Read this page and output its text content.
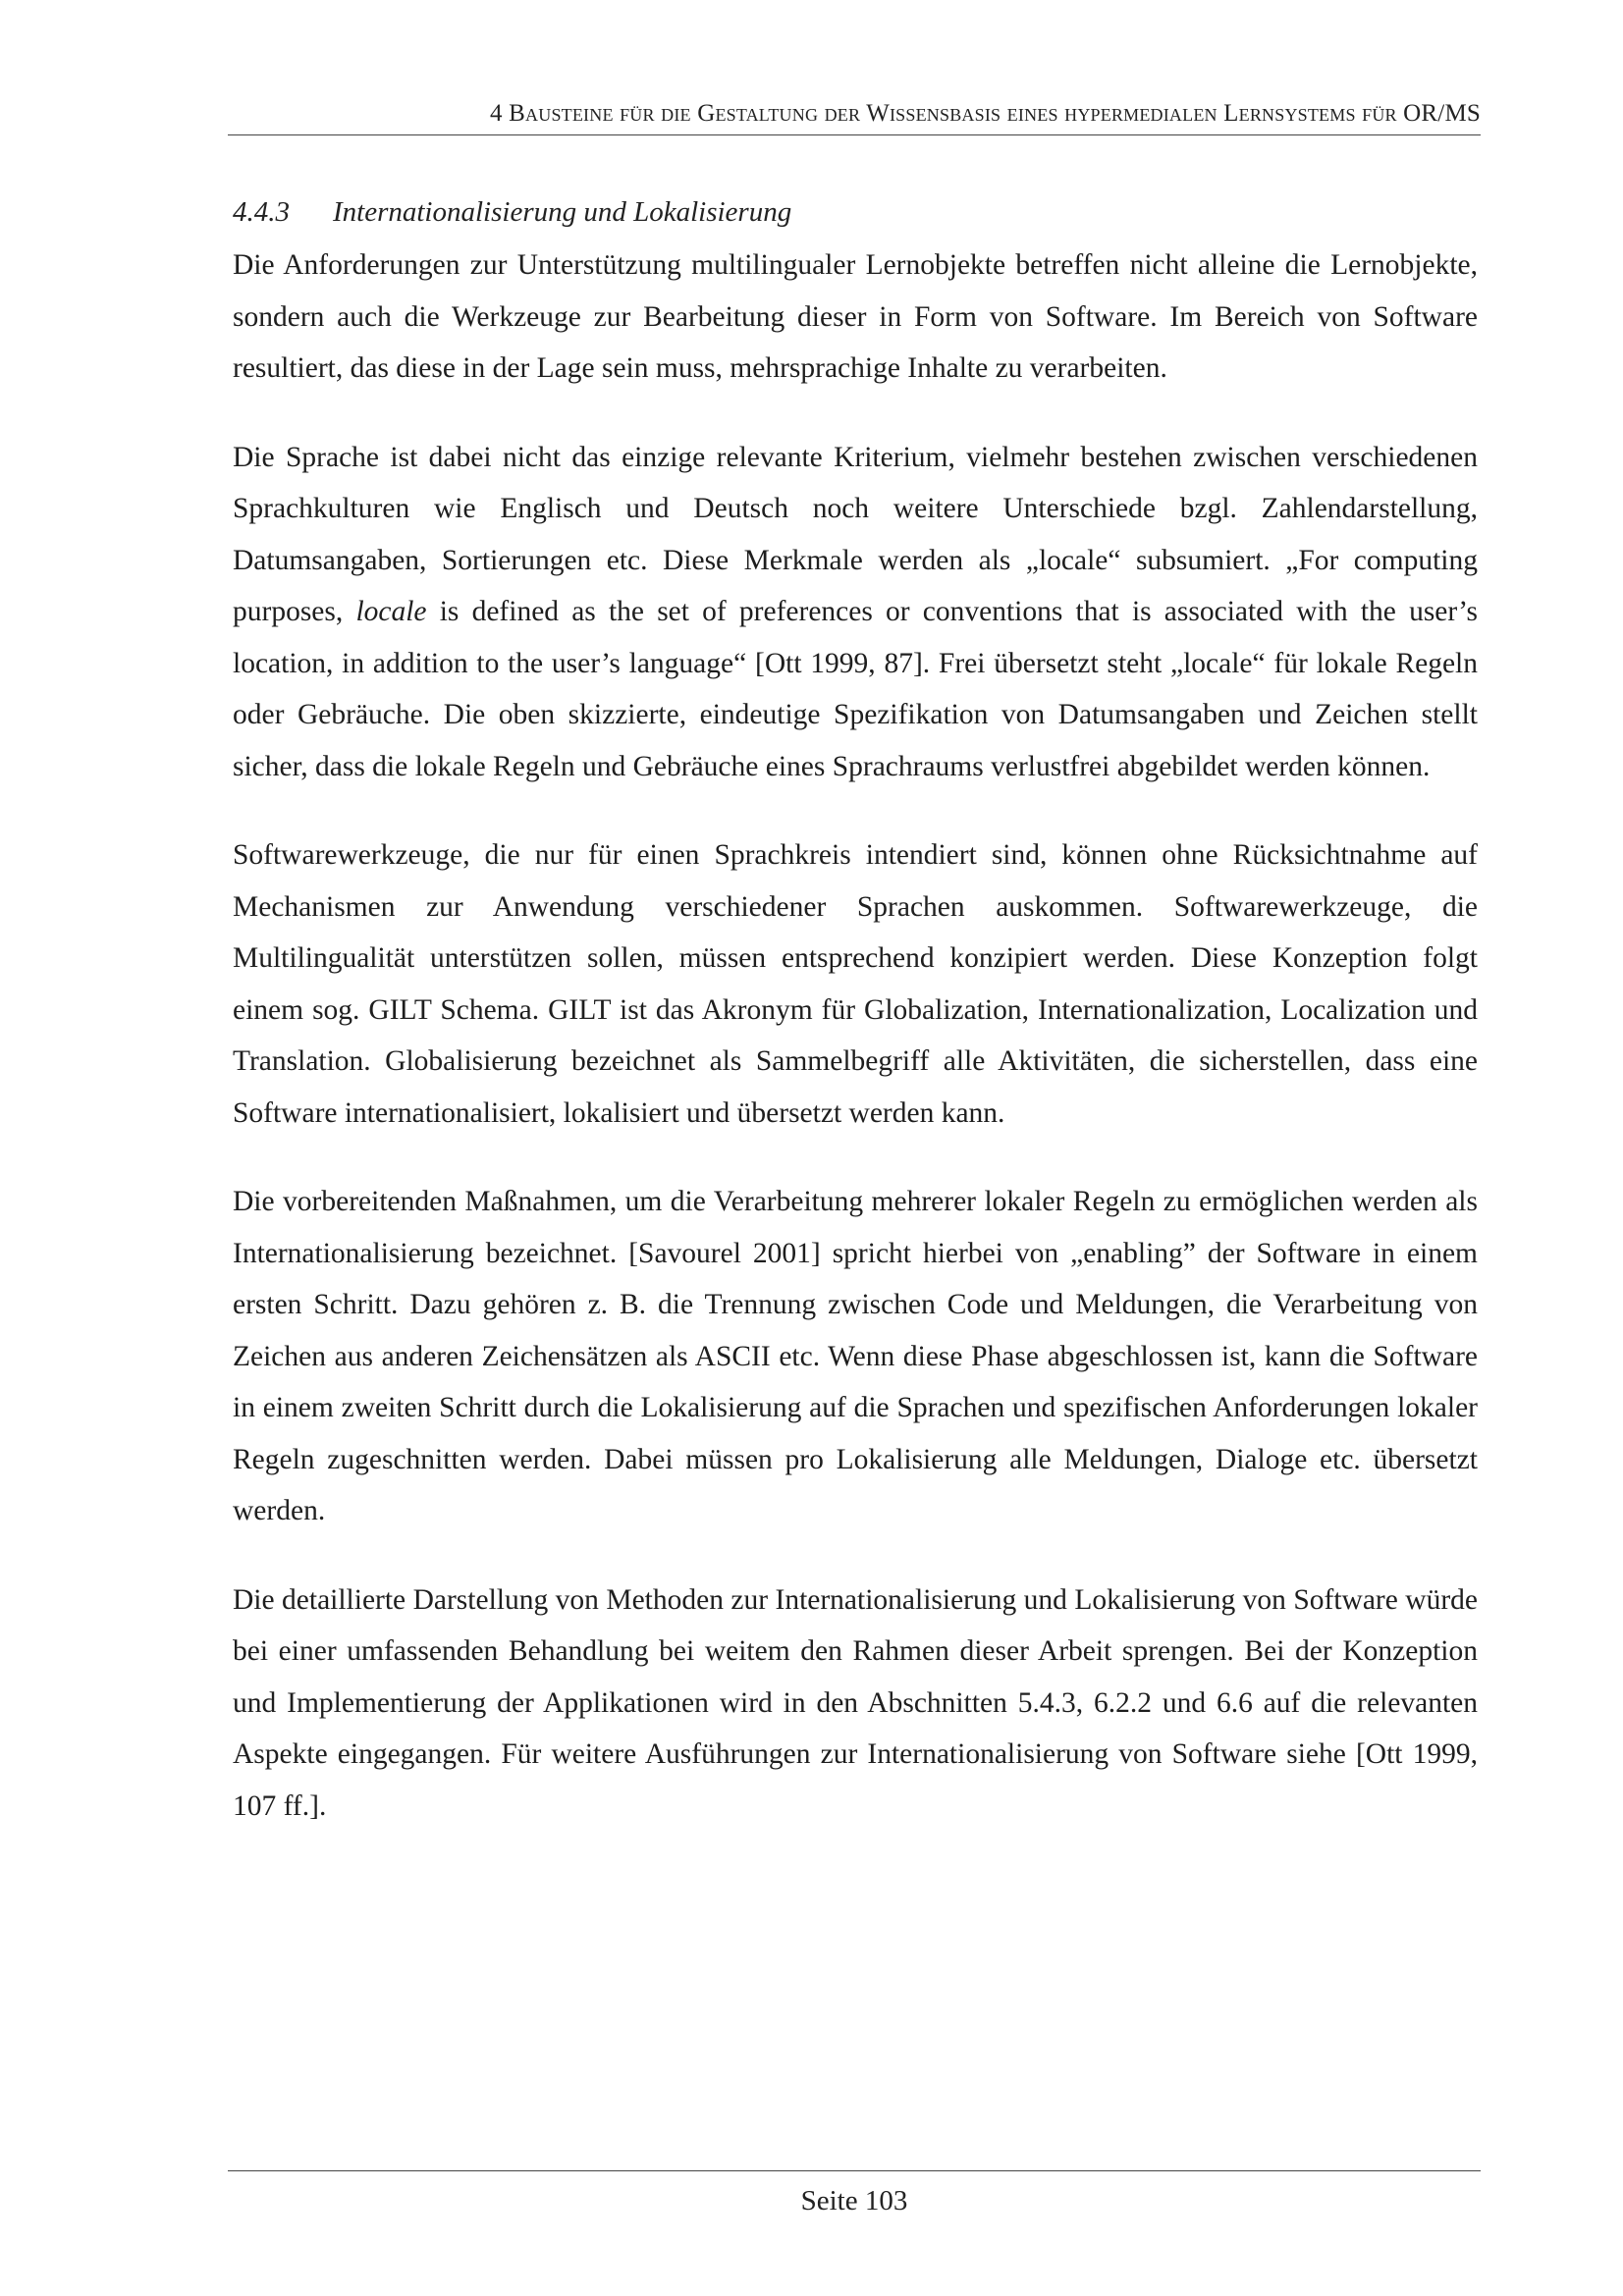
4 Bausteine für die Gestaltung der Wissensbasis eines hypermedialen Lernsystems für OR/MS
4.4.3 Internationalisierung und Lokalisierung

Die Anforderungen zur Unterstützung multilingualer Lernobjekte betreffen nicht alleine die Lernobjekte, sondern auch die Werkzeuge zur Bearbeitung dieser in Form von Software. Im Bereich von Software resultiert, das diese in der Lage sein muss, mehrsprachige Inhalte zu verarbeiten.

Die Sprache ist dabei nicht das einzige relevante Kriterium, vielmehr bestehen zwischen verschiedenen Sprachkulturen wie Englisch und Deutsch noch weitere Unterschiede bzgl. Zahlendarstellung, Datumsangaben, Sortierungen etc. Diese Merkmale werden als „locale“ subsumiert. „For computing purposes, locale is defined as the set of preferences or conventions that is associated with the user’s location, in addition to the user’s language“ [Ott 1999, 87]. Frei übersetzt steht „locale“ für lokale Regeln oder Gebräuche. Die oben skizzierte, eindeutige Spezifikation von Datumsangaben und Zeichen stellt sicher, dass die lokale Regeln und Gebräuche eines Sprachraums verlustfrei abgebildet werden können.

Softwarewerkzeuge, die nur für einen Sprachkreis intendiert sind, können ohne Rücksichtnahme auf Mechanismen zur Anwendung verschiedener Sprachen auskommen. Softwarewerkzeuge, die Multilingualität unterstützen sollen, müssen entsprechend konzipiert werden. Diese Konzeption folgt einem sog. GILT Schema. GILT ist das Akronym für Globalization, Internationalization, Localization und Translation. Globalisierung bezeichnet als Sammelbegriff alle Aktivitäten, die sicherstellen, dass eine Software internationalisiert, lokalisiert und übersetzt werden kann.

Die vorbereitenden Maßnahmen, um die Verarbeitung mehrerer lokaler Regeln zu ermöglichen werden als Internationalisierung bezeichnet. [Savourel 2001] spricht hierbei von „enabling” der Software in einem ersten Schritt. Dazu gehören z. B. die Trennung zwischen Code und Meldungen, die Verarbeitung von Zeichen aus anderen Zeichensätzen als ASCII etc. Wenn diese Phase abgeschlossen ist, kann die Software in einem zweiten Schritt durch die Lokalisierung auf die Sprachen und spezifischen Anforderungen lokaler Regeln zugeschnitten werden. Dabei müssen pro Lokalisierung alle Meldungen, Dialoge etc. übersetzt werden.

Die detaillierte Darstellung von Methoden zur Internationalisierung und Lokalisierung von Software würde bei einer umfassenden Behandlung bei weitem den Rahmen dieser Arbeit sprengen. Bei der Konzeption und Implementierung der Applikationen wird in den Abschnitten 5.4.3, 6.2.2 und 6.6 auf die relevanten Aspekte eingegangen. Für weitere Ausführungen zur Internationalisierung von Software siehe [Ott 1999, 107 ff.].

Seite 103
